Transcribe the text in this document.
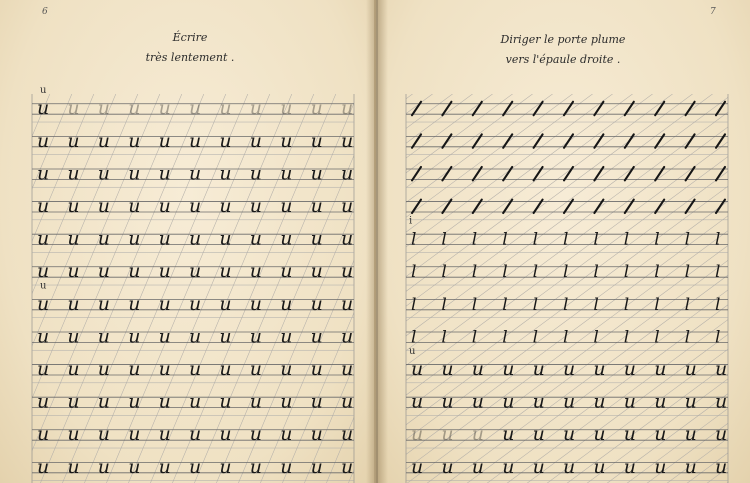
6
Écrire
très lentement .
u u u u u u u u u u u
u u u u u u u u u u u
u u u u u u u u u u u
u u u u u u u u u u u
u u u u u u u u u u u
u u u u u u u u u u u
u u u u u u u u u u u
u u u u u u u u u u u
u u u u u u u u u u u
u u u u u u u u u u u
u u u u u u u u u u u
u u u u u u u u u u u
u
u
7
Diriger le porte plume
vers l'épaule droite .
l l l l l l l l l l l
l l l l l l l l l l l
l l l l l l l l l l l
l l l l l l l l l l l
u u u u u u u u u u u
u u u u u u u u u u u
u u u u u u u u u u u
u u u u u u u u u u u
i
u
